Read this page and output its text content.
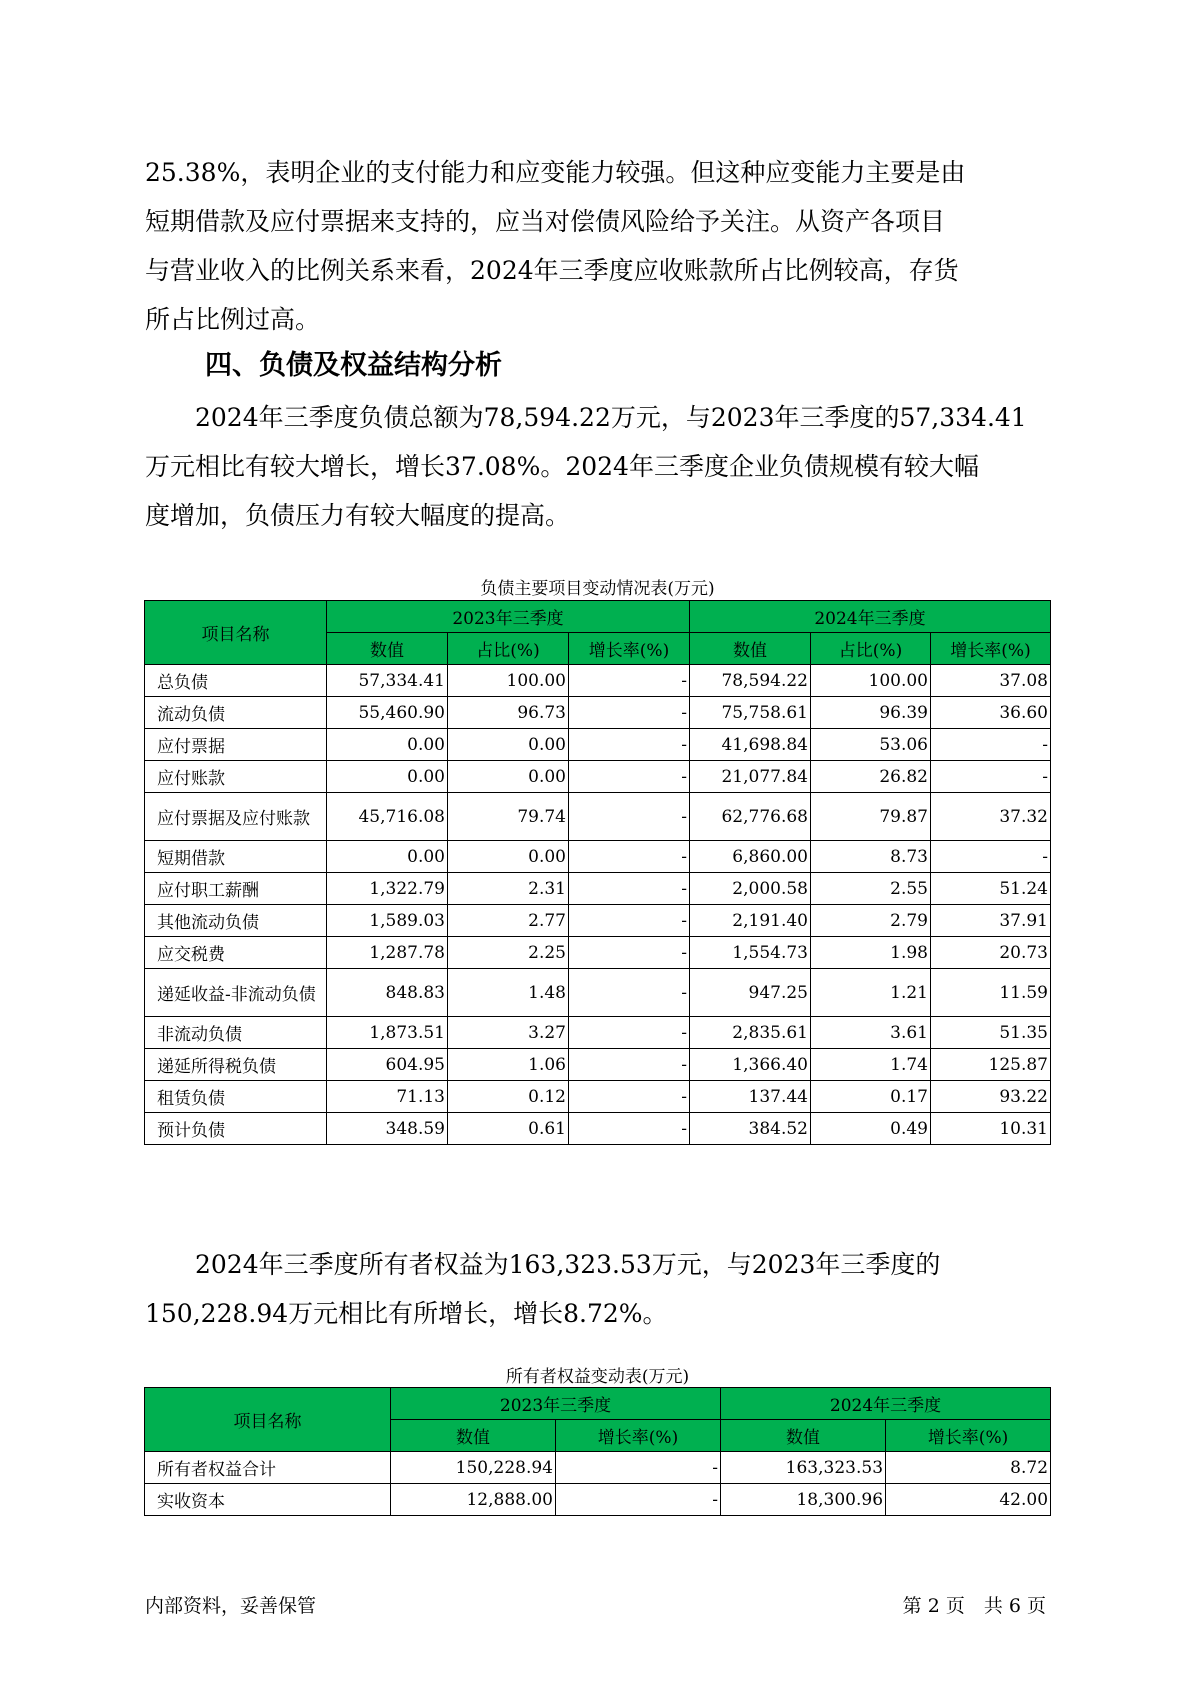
25.38%，表明企业的支付能力和应变能力较强。但这种应变能力主要是由
短期借款及应付票据来支持的，应当对偿债风险给予关注。从资产各项目
与营业收入的比例关系来看，2024年三季度应收账款所占比例较高，存货
所占比例过高。
四、负债及权益结构分析
　　2024年三季度负债总额为78,594.22万元，与2023年三季度的57,334.41
万元相比有较大增长，增长37.08%。2024年三季度企业负债规模有较大幅
度增加，负债压力有较大幅度的提高。
负债主要项目变动情况表(万元)
项目名称	2023年三季度			2024年三季度		
	数值	占比(%)	增长率(%)	数值	占比(%)	增长率(%)
总负债	57,334.41	100.00	-	78,594.22	100.00	37.08
流动负债	55,460.90	96.73	-	75,758.61	96.39	36.60
应付票据	0.00	0.00	-	41,698.84	53.06	-
应付账款	0.00	0.00	-	21,077.84	26.82	-
应付票据及应付账款	45,716.08	79.74	-	62,776.68	79.87	37.32
短期借款	0.00	0.00	-	6,860.00	8.73	-
应付职工薪酬	1,322.79	2.31	-	2,000.58	2.55	51.24
其他流动负债	1,589.03	2.77	-	2,191.40	2.79	37.91
应交税费	1,287.78	2.25	-	1,554.73	1.98	20.73
递延收益-非流动负债	848.83	1.48	-	947.25	1.21	11.59
非流动负债	1,873.51	3.27	-	2,835.61	3.61	51.35
递延所得税负债	604.95	1.06	-	1,366.40	1.74	125.87
租赁负债	71.13	0.12	-	137.44	0.17	93.22
预计负债	348.59	0.61	-	384.52	0.49	10.31
　　2024年三季度所有者权益为163,323.53万元，与2023年三季度的
150,228.94万元相比有所增长，增长8.72%。
所有者权益变动表(万元)
项目名称	2023年三季度		2024年三季度	
	数值	增长率(%)	数值	增长率(%)
所有者权益合计	150,228.94	-	163,323.53	8.72
实收资本	12,888.00	-	18,300.96	42.00
内部资料，妥善保管	第 2 页　共 6 页
